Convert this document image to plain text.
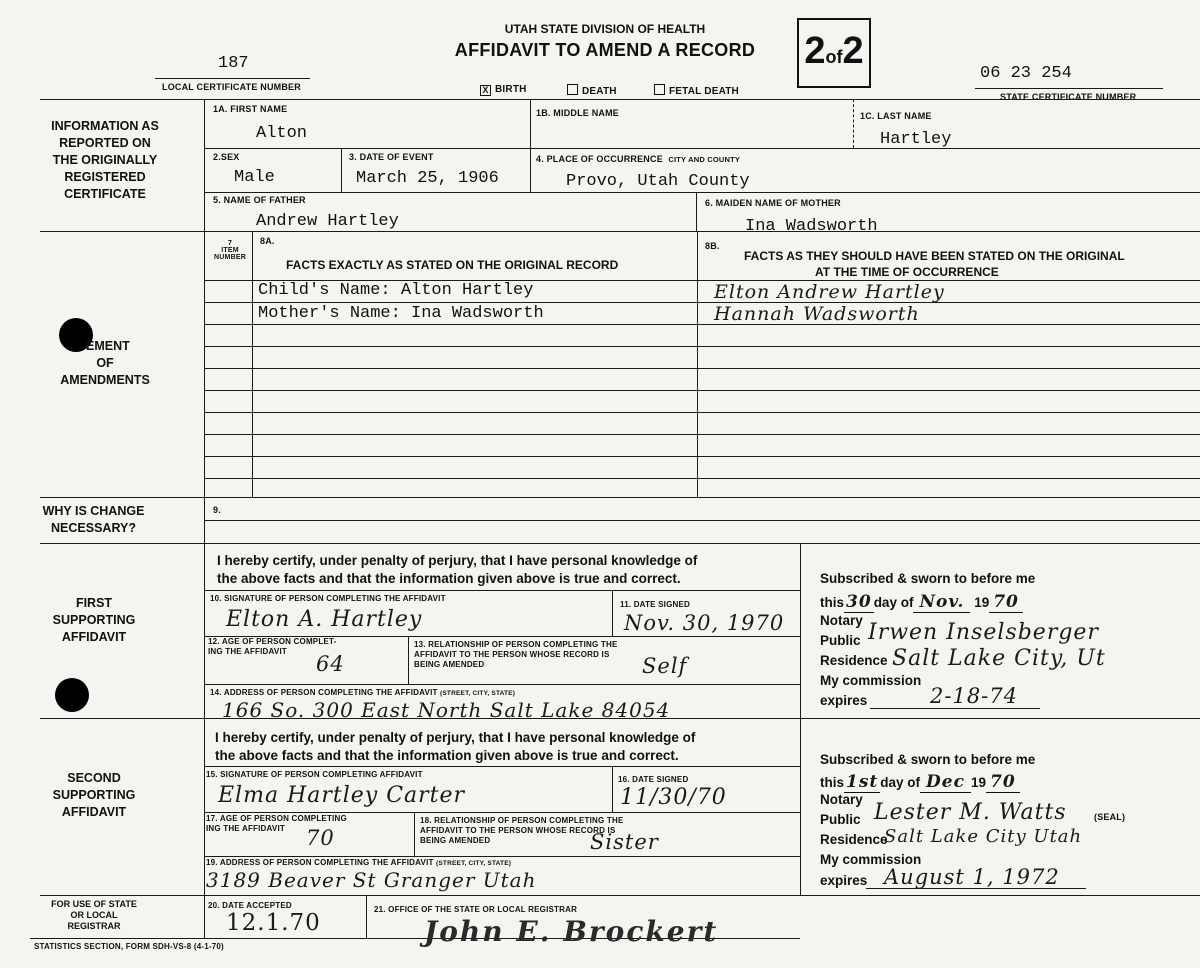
UTAH STATE DIVISION OF HEALTH
AFFIDAVIT TO AMEND A RECORD	2of2
187
LOCAL CERTIFICATE NUMBER
06 23 254
STATE CERTIFICATE NUMBER
X BIRTH	DEATH	FETAL DEATH
INFORMATION AS REPORTED ON THE ORIGINALLY REGISTERED CERTIFICATE
EMENT
OF
AMENDMENTS
WHY IS CHANGE NECESSARY?
FIRST SUPPORTING AFFIDAVIT
SECOND SUPPORTING AFFIDAVIT
FOR USE OF STATE OR LOCAL REGISTRAR
1A. FIRST NAME
Alton
1B. MIDDLE NAME	1C. LAST NAME
Hartley
2.SEX
Male
3. DATE OF EVENT
March 25, 1906
4. PLACE OF OCCURRENCE CITY AND COUNTY
Provo, Utah County
5. NAME OF FATHER
Andrew Hartley
6. MAIDEN NAME OF MOTHER
Ina Wadsworth
7
ITEM
NUMBER
8A.
FACTS EXACTLY AS STATED ON THE ORIGINAL RECORD
8B.
FACTS AS THEY SHOULD HAVE BEEN STATED ON THE ORIGINAL
AT THE TIME OF OCCURRENCE
Child's Name: Alton Hartley	Elton Andrew Hartley
Mother's Name: Ina Wadsworth	Hannah Wadsworth
9.
I hereby certify, under penalty of perjury, that I have personal knowledge of
the above facts and that the information given above is true and correct.
10. SIGNATURE OF PERSON COMPLETING THE AFFIDAVIT
Elton A. Hartley
11. DATE SIGNED
Nov. 30, 1970
12. AGE OF PERSON COMPLET-
ING THE AFFIDAVIT
64
13. RELATIONSHIP OF PERSON COMPLETING THE
AFFIDAVIT TO THE PERSON WHOSE RECORD IS
BEING AMENDED	Self
14. ADDRESS OF PERSON COMPLETING THE AFFIDAVIT (STREET, CITY, STATE)
166 So. 300 East North Salt Lake 84054
Subscribed & sworn to before me
this 30 day of Nov. 19 70
Notary
Public Irwen Inselsberger
Residence Salt Lake City, Ut
My commission
expires	2-18-74
I hereby certify, under penalty of perjury, that I have personal knowledge of
the above facts and that the information given above is true and correct.
15. SIGNATURE OF PERSON COMPLETING AFFIDAVIT
Elma Hartley Carter
16. DATE SIGNED
11/30/70
17. AGE OF PERSON COMPLETING
ING THE AFFIDAVIT	70
18. RELATIONSHIP OF PERSON COMPLETING THE
AFFIDAVIT TO THE PERSON WHOSE RECORD IS
BEING AMENDED	Sister
19. ADDRESS OF PERSON COMPLETING THE AFFIDAVIT (STREET, CITY, STATE)
3189 Beaver St Granger Utah
Subscribed & sworn to before me
this 1st day of Dec 19 70
Notary
Public Lester M. Watts	(SEAL)
Residence
Salt Lake City Utah
My commission
expires August 1, 1972
20. DATE ACCEPTED
12.1.70
21. OFFICE OF THE STATE OR LOCAL REGISTRAR
John E. Brockert
STATISTICS SECTION, FORM SDH-VS-8 (4-1-70)
